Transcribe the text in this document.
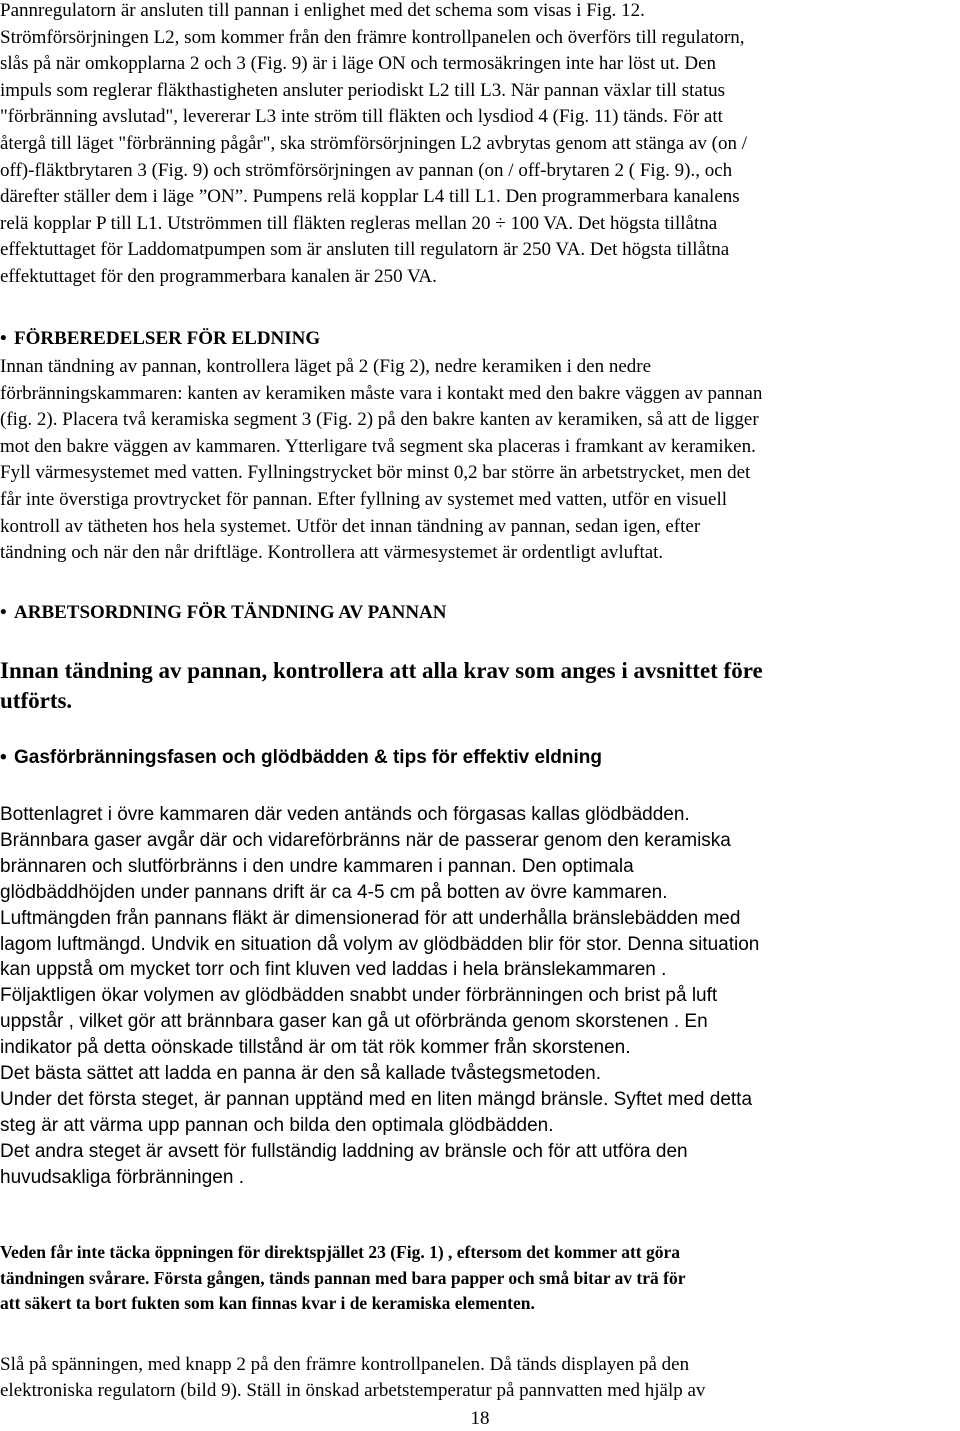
Pannregulatorn är ansluten till pannan i enlighet med det schema som visas i Fig. 12.

Strömförsörjningen L2, som kommer från den främre kontrollpanelen och överförs till regulatorn,

slås på när omkopplarna 2 och 3 (Fig. 9) är i läge ON och termosäkringen inte har löst ut. Den

impuls som reglerar fläkthastigheten ansluter periodiskt L2 till L3. När pannan växlar till status

"förbränning avslutad", levererar L3 inte ström till fläkten och lysdiod 4 (Fig. 11) tänds. För att

återgå till läget "förbränning pågår", ska strömförsörjningen L2 avbrytas genom att stänga av (on /

off)-fläktbrytaren 3 (Fig. 9) och strömförsörjningen av pannan (on / off-brytaren 2 ( Fig. 9)., och

därefter ställer dem i läge ”ON”. Pumpens relä kopplar L4 till L1. Den programmerbara kanalens

relä kopplar P till L1. Utströmmen till fläkten regleras mellan 20 ÷ 100 VA. Det högsta tillåtna

effektuttaget för Laddomatpumpen som är ansluten till regulatorn är 250 VA. Det högsta tillåtna

effektuttaget för den programmerbara kanalen är 250 VA.

• FÖRBEREDELSER FÖR ELDNING

Innan tändning av pannan, kontrollera läget på 2 (Fig 2), nedre keramiken i den nedre

förbränningskammaren: kanten av keramiken måste vara i kontakt med den bakre väggen av pannan

(fig. 2). Placera två keramiska segment 3 (Fig. 2) på den bakre kanten av keramiken, så att de ligger

mot den bakre väggen av kammaren. Ytterligare två segment ska placeras i framkant av keramiken.

Fyll värmesystemet med vatten. Fyllningstrycket bör minst 0,2 bar större än arbetstrycket, men det

får inte överstiga provtrycket för pannan. Efter fyllning av systemet med vatten, utför en visuell

kontroll av tätheten hos hela systemet. Utför det innan tändning av pannan, sedan igen, efter

tändning och när den når driftläge. Kontrollera att värmesystemet är ordentligt avluftat.

• ARBETSORDNING FÖR TÄNDNING AV PANNAN

Innan tändning av pannan, kontrollera att alla krav som anges i avsnittet före

utförts.

• Gasförbränningsfasen och glödbädden & tips för effektiv eldning

Bottenlagret i övre kammaren där veden antänds och förgasas kallas glödbädden.

Brännbara gaser avgår där och vidareförbränns när de passerar genom den keramiska

brännaren och slutförbränns i den undre kammaren i pannan. Den optimala

glödbäddhöjden under pannans drift är ca 4-5 cm på botten av övre kammaren.

Luftmängden från pannans fläkt är dimensionerad för att underhålla bränslebädden med

lagom luftmängd. Undvik en situation då volym av glödbädden blir för stor. Denna situation

kan uppstå om mycket torr och fint kluven ved laddas i hela bränslekammaren .

Följaktligen ökar volymen av glödbädden snabbt under förbränningen och brist på luft

uppstår , vilket gör att brännbara gaser kan gå ut oförbrända genom skorstenen . En

indikator på detta oönskade tillstånd är om tät rök kommer från skorstenen.

Det bästa sättet att ladda en panna är den så kallade tvåstegsmetoden.

Under det första steget, är pannan upptänd med en liten mängd bränsle. Syftet med detta

steg är att värma upp pannan och bilda den optimala glödbädden.

Det andra steget är avsett för fullständig laddning av bränsle och för att utföra den

huvudsakliga förbränningen .

Veden får inte täcka öppningen för direktspjället 23 (Fig. 1) , eftersom det kommer att göra

tändningen svårare. Första gången, tänds pannan med bara papper och små bitar av trä för

att säkert ta bort fukten som kan finnas kvar i de keramiska elementen.

Slå på spänningen, med knapp 2 på den främre kontrollpanelen. Då tänds displayen på den

elektroniska regulatorn (bild 9). Ställ in önskad arbetstemperatur på pannvatten med hjälp av

18
